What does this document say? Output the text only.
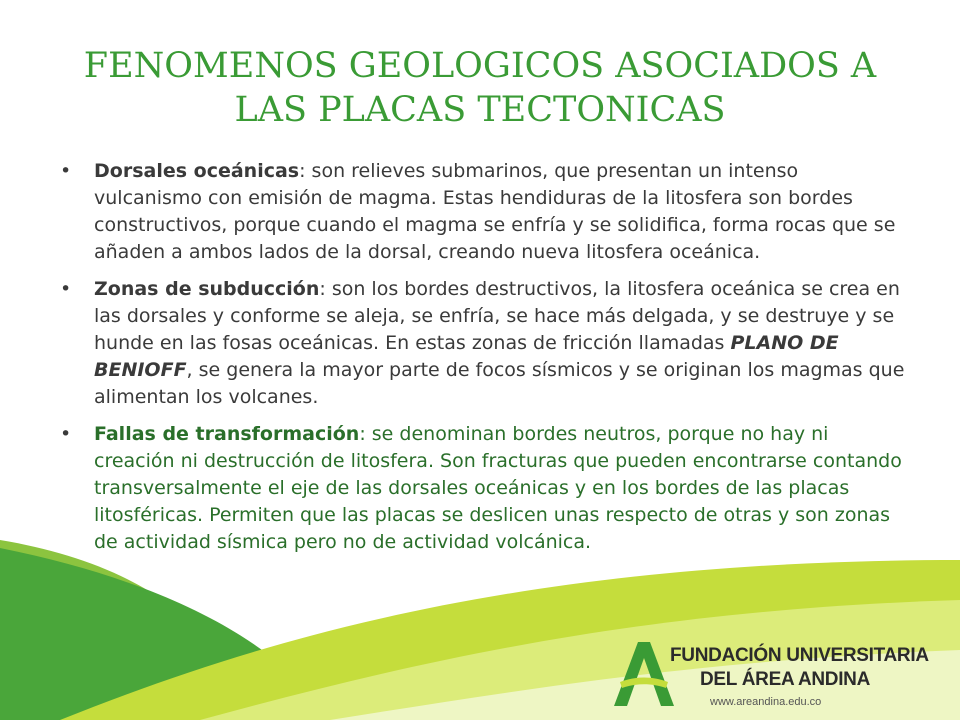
FENOMENOS GEOLOGICOS ASOCIADOS A LAS PLACAS TECTONICAS
• Dorsales oceánicas: son relieves submarinos, que presentan un intenso vulcanismo con emisión de magma. Estas hendiduras de la litosfera son bordes constructivos, porque cuando el magma se enfría y se solidifica, forma rocas que se añaden a ambos lados de la dorsal, creando nueva litosfera oceánica.
• Zonas de subducción: son los bordes destructivos, la litosfera oceánica se crea en las dorsales y conforme se aleja, se enfría, se hace más delgada, y se destruye y se hunde en las fosas oceánicas. En estas zonas de fricción llamadas PLANO DE BENIOFF, se genera la mayor parte de focos sísmicos y se originan los magmas que alimentan los volcanes.
• Fallas de transformación: se denominan bordes neutros, porque no hay ni creación ni destrucción de litosfera. Son fracturas que pueden encontrarse contando transversalmente el eje de las dorsales oceánicas y en los bordes de las placas litosféricas. Permiten que las placas se deslicen unas respecto de otras y son zonas de actividad sísmica pero no de actividad volcánica.
FUNDACIÓN UNIVERSITARIA
DEL ÁREA ANDINA
www.areandina.edu.co
